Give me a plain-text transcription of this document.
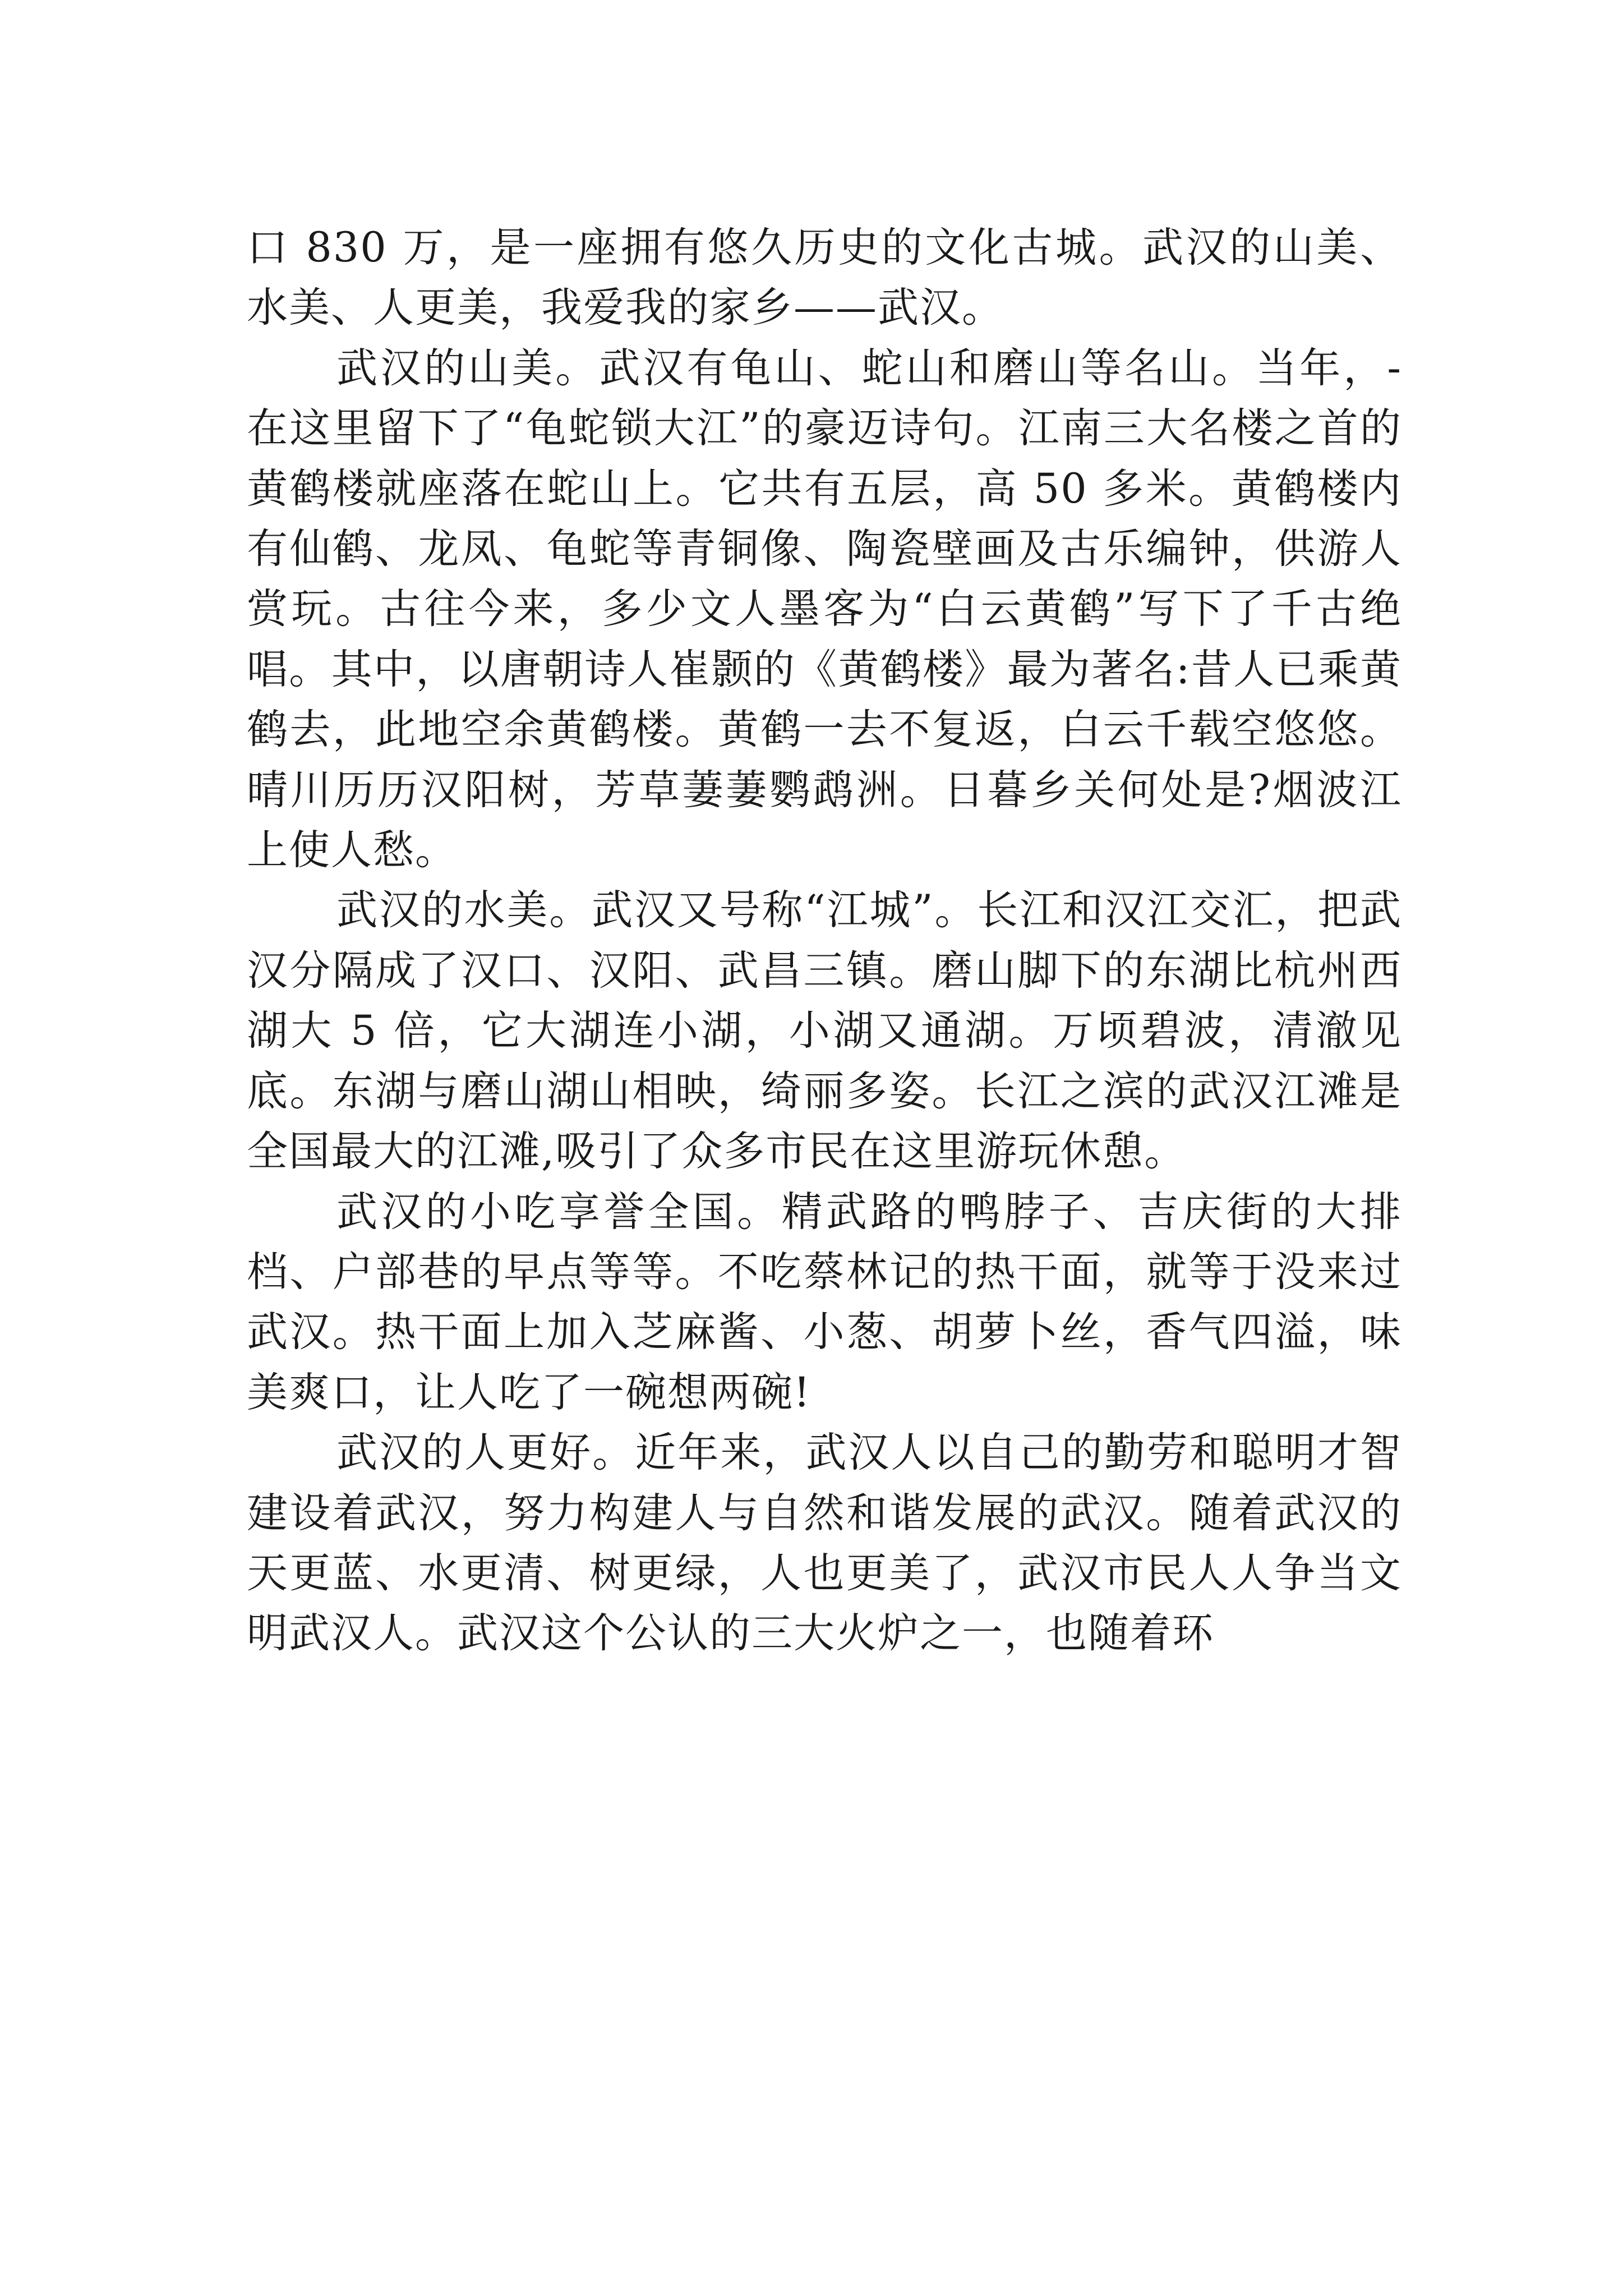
口 830 万，是一座拥有悠久历史的文化古城。武汉的山美、水美、人更美，我爱我的家乡——武汉。

武汉的山美。武汉有龟山、蛇山和磨山等名山。当年，-在这里留下了“龟蛇锁大江”的豪迈诗句。江南三大名楼之首的黄鹤楼就座落在蛇山上。它共有五层，高 50 多米。黄鹤楼内有仙鹤、龙凤、龟蛇等青铜像、陶瓷壁画及古乐编钟，供游人赏玩。古往今来，多少文人墨客为“白云黄鹤”写下了千古绝唱。其中，以唐朝诗人崔颢的《黄鹤楼》最为著名:昔人已乘黄鹤去，此地空余黄鹤楼。黄鹤一去不复返，白云千载空悠悠。晴川历历汉阳树，芳草萋萋鹦鹉洲。日暮乡关何处是?烟波江上使人愁。

武汉的水美。武汉又号称“江城”。长江和汉江交汇，把武汉分隔成了汉口、汉阳、武昌三镇。磨山脚下的东湖比杭州西湖大 5 倍，它大湖连小湖，小湖又通湖。万顷碧波，清澈见底。东湖与磨山湖山相映，绮丽多姿。长江之滨的武汉江滩是全国最大的江滩,吸引了众多市民在这里游玩休憩。

武汉的小吃享誉全国。精武路的鸭脖子、吉庆街的大排档、户部巷的早点等等。不吃蔡林记的热干面，就等于没来过武汉。热干面上加入芝麻酱、小葱、胡萝卜丝，香气四溢，味美爽口，让人吃了一碗想两碗!

武汉的人更好。近年来，武汉人以自己的勤劳和聪明才智建设着武汉，努力构建人与自然和谐发展的武汉。随着武汉的天更蓝、水更清、树更绿，人也更美了，武汉市民人人争当文明武汉人。武汉这个公认的三大火炉之一，也随着环
